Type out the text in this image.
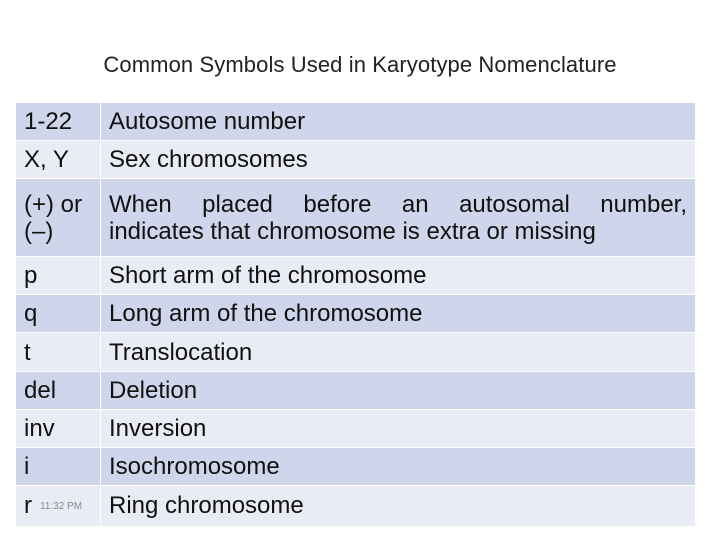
Common Symbols Used in Karyotype Nomenclature
1-22	Autosome number
X, Y	Sex chromosomes

(+) or
(–)	When placed before an autosomal number,
indicates that chromosome is extra or missing

p	Short arm of the chromosome
q	Long arm of the chromosome
t	Translocation
del	Deletion
inv	Inversion
i	Isochromosome
r 11:32 PM	Ring chromosome
